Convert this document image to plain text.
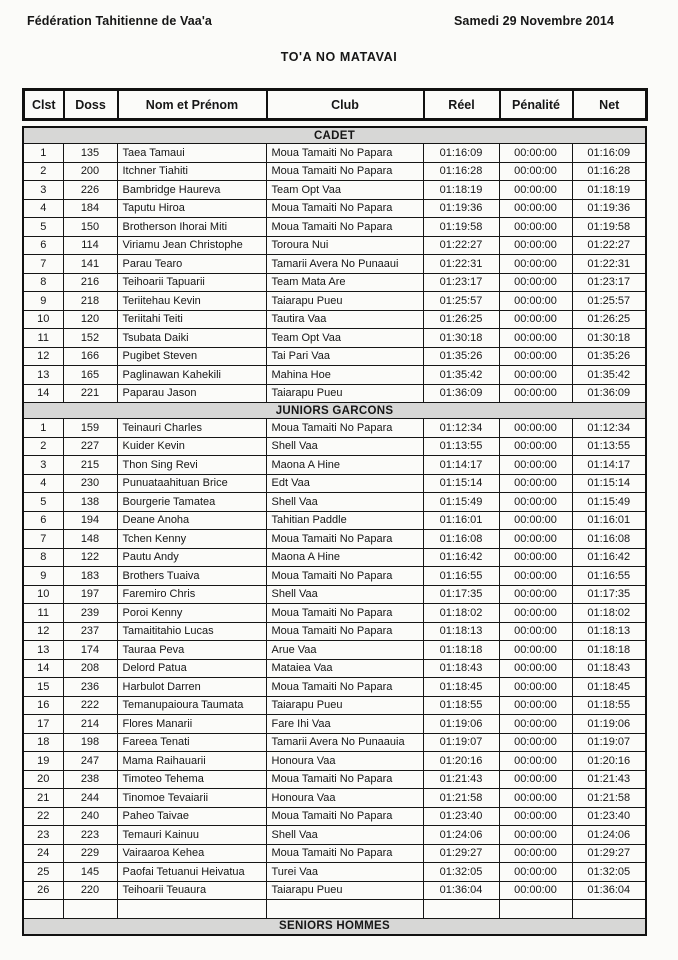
Fédération Tahitienne de Vaa'a	Samedi 29 Novembre 2014
TO'A NO MATAVAI
Clst	Doss	Nom et Prénom	Club	Réel	Pénalité	Net
CADET						
1	135	Taea Tamaui	Moua Tamaiti No Papara	01:16:09	00:00:00	01:16:09
2	200	Itchner Tiahiti	Moua Tamaiti No Papara	01:16:28	00:00:00	01:16:28
3	226	Bambridge Haureva	Team Opt Vaa	01:18:19	00:00:00	01:18:19
4	184	Taputu Hiroa	Moua Tamaiti No Papara	01:19:36	00:00:00	01:19:36
5	150	Brotherson Ihorai Miti	Moua Tamaiti No Papara	01:19:58	00:00:00	01:19:58
6	114	Viriamu Jean Christophe	Toroura Nui	01:22:27	00:00:00	01:22:27
7	141	Parau Tearo	Tamarii Avera No Punaaui	01:22:31	00:00:00	01:22:31
8	216	Teihoarii Tapuarii	Team Mata Are	01:23:17	00:00:00	01:23:17
9	218	Teriitehau Kevin	Taiarapu Pueu	01:25:57	00:00:00	01:25:57
10	120	Teriitahi Teiti	Tautira Vaa	01:26:25	00:00:00	01:26:25
11	152	Tsubata Daiki	Team Opt Vaa	01:30:18	00:00:00	01:30:18
12	166	Pugibet Steven	Tai Pari Vaa	01:35:26	00:00:00	01:35:26
13	165	Paglinawan Kahekili	Mahina Hoe	01:35:42	00:00:00	01:35:42
14	221	Paparau Jason	Taiarapu Pueu	01:36:09	00:00:00	01:36:09
JUNIORS GARCONS						
1	159	Teinauri Charles	Moua Tamaiti No Papara	01:12:34	00:00:00	01:12:34
2	227	Kuider Kevin	Shell Vaa	01:13:55	00:00:00	01:13:55
3	215	Thon Sing Revi	Maona A Hine	01:14:17	00:00:00	01:14:17
4	230	Punuataahituan Brice	Edt Vaa	01:15:14	00:00:00	01:15:14
5	138	Bourgerie Tamatea	Shell Vaa	01:15:49	00:00:00	01:15:49
6	194	Deane Anoha	Tahitian Paddle	01:16:01	00:00:00	01:16:01
7	148	Tchen Kenny	Moua Tamaiti No Papara	01:16:08	00:00:00	01:16:08
8	122	Pautu Andy	Maona A Hine	01:16:42	00:00:00	01:16:42
9	183	Brothers Tuaiva	Moua Tamaiti No Papara	01:16:55	00:00:00	01:16:55
10	197	Faremiro Chris	Shell Vaa	01:17:35	00:00:00	01:17:35
11	239	Poroi Kenny	Moua Tamaiti No Papara	01:18:02	00:00:00	01:18:02
12	237	Tamaititahio Lucas	Moua Tamaiti No Papara	01:18:13	00:00:00	01:18:13
13	174	Tauraa Peva	Arue Vaa	01:18:18	00:00:00	01:18:18
14	208	Delord Patua	Mataiea Vaa	01:18:43	00:00:00	01:18:43
15	236	Harbulot Darren	Moua Tamaiti No Papara	01:18:45	00:00:00	01:18:45
16	222	Temanupaioura Taumata	Taiarapu Pueu	01:18:55	00:00:00	01:18:55
17	214	Flores Manarii	Fare Ihi Vaa	01:19:06	00:00:00	01:19:06
18	198	Fareea Tenati	Tamarii Avera No Punaauia	01:19:07	00:00:00	01:19:07
19	247	Mama Raihauarii	Honoura Vaa	01:20:16	00:00:00	01:20:16
20	238	Timoteo Tehema	Moua Tamaiti No Papara	01:21:43	00:00:00	01:21:43
21	244	Tinomoe Tevaiarii	Honoura Vaa	01:21:58	00:00:00	01:21:58
22	240	Paheo Taivae	Moua Tamaiti No Papara	01:23:40	00:00:00	01:23:40
23	223	Temauri Kainuu	Shell Vaa	01:24:06	00:00:00	01:24:06
24	229	Vairaaroa Kehea	Moua Tamaiti No Papara	01:29:27	00:00:00	01:29:27
25	145	Paofai Tetuanui Heivatua	Turei Vaa	01:32:05	00:00:00	01:32:05
26	220	Teihoarii Teuaura	Taiarapu Pueu	01:36:04	00:00:00	01:36:04

SENIORS HOMMES						
